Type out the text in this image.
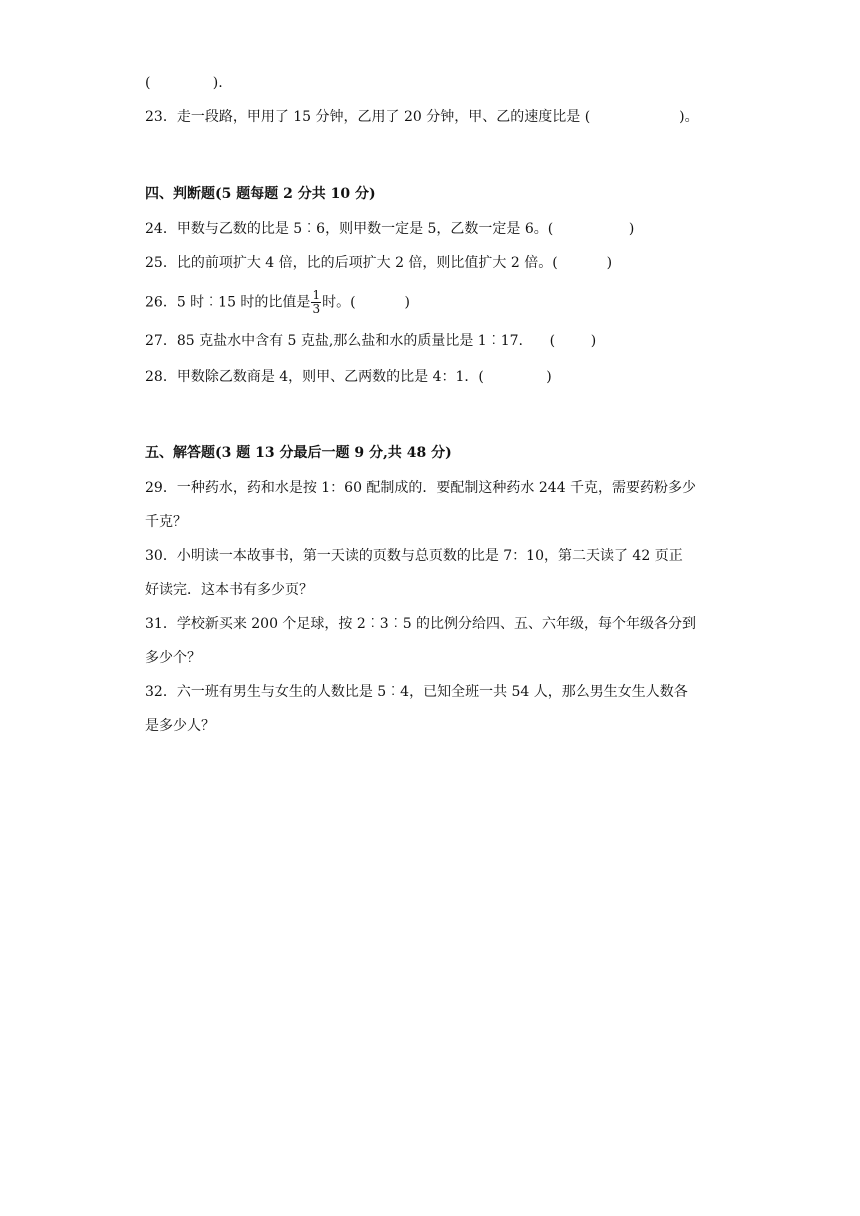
(              ).
23．走一段路，甲用了 15 分钟，乙用了 20 分钟，甲、乙的速度比是 (                    )。
四、判断题(5 题每题 2 分共 10 分)
24．甲数与乙数的比是 5︰6，则甲数一定是 5，乙数一定是 6。(                 )
25．比的前项扩大 4 倍，比的后项扩大 2 倍，则比值扩大 2 倍。(           )
26．5 时︰15 时的比值是 $\frac{1}{3}$ 时。(           )
27．85 克盐水中含有 5 克盐,那么盐和水的质量比是 1︰17.      (        )
28．甲数除乙数商是 4，则甲、乙两数的比是 4：1．(              )
五、解答题(3 题 13 分最后一题 9 分,共 48 分)
29．一种药水，药和水是按 1：60 配制成的．要配制这种药水 244 千克，需要药粉多少
千克？
30．小明读一本故事书，第一天读的页数与总页数的比是 7：10，第二天读了 42 页正
好读完．这本书有多少页？
31．学校新买来 200 个足球，按 2︰3︰5 的比例分给四、五、六年级，每个年级各分到
多少个？
32．六一班有男生与女生的人数比是 5︰4，已知全班一共 54 人，那么男生女生人数各
是多少人？
